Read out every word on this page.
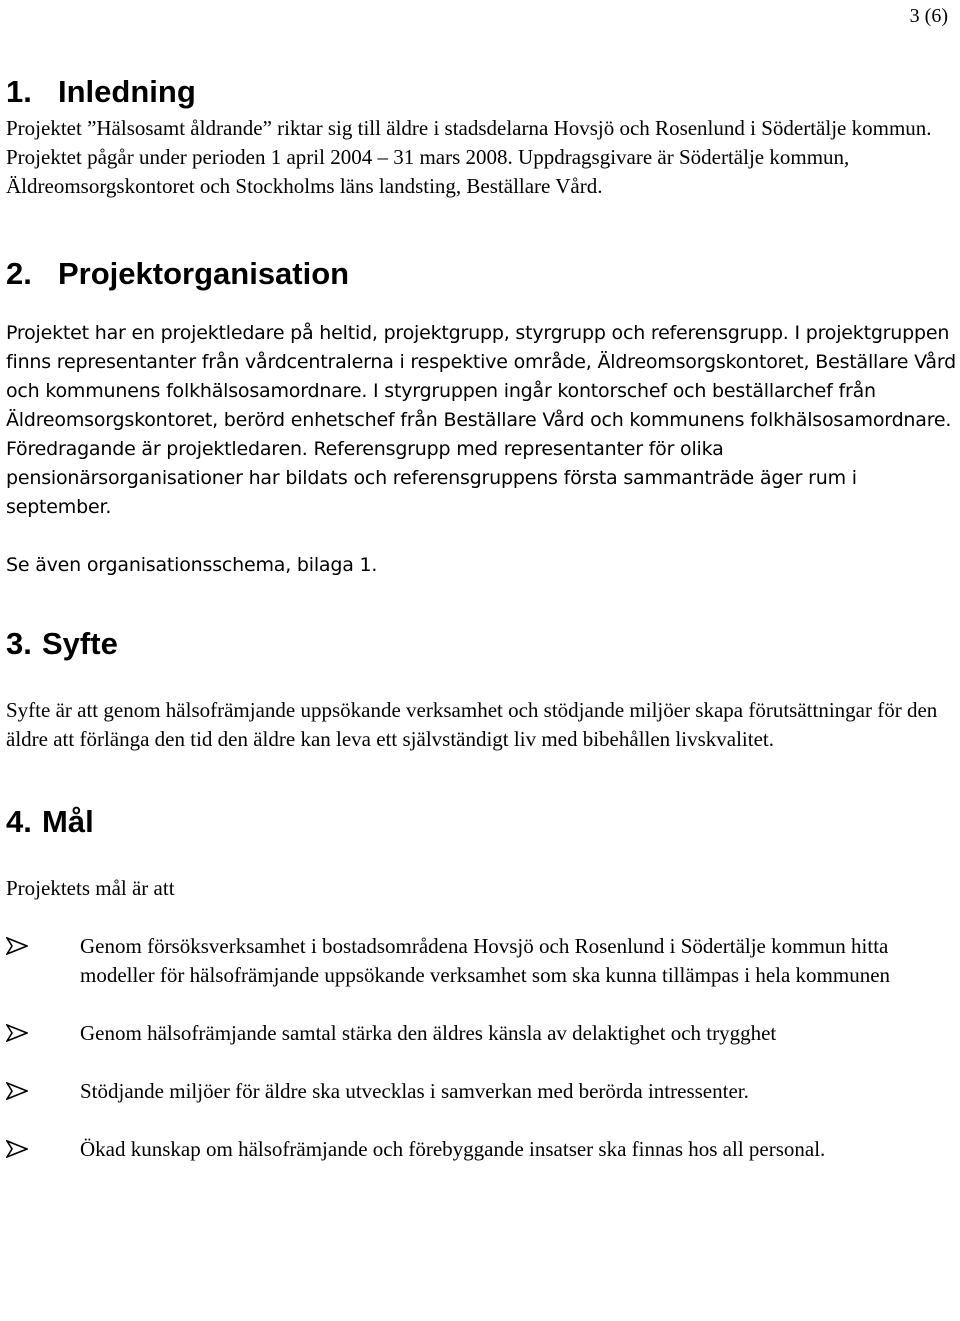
3 (6)
1. Inledning

Projektet ”Hälsosamt åldrande” riktar sig till äldre i stadsdelarna Hovsjö och Rosenlund i Södertälje kommun. Projektet pågår under perioden 1 april 2004 – 31 mars 2008. Uppdragsgivare är Södertälje kommun, Äldreomsorgskontoret och Stockholms läns landsting, Beställare Vård.

2. Projektorganisation

Projektet har en projektledare på heltid, projektgrupp, styrgrupp och referensgrupp. I projektgruppen finns representanter från vårdcentralerna i respektive område, Äldreomsorgskontoret, Beställare Vård och kommunens folkhälsosamordnare. I styrgruppen ingår kontorschef och beställarchef från Äldreomsorgskontoret, berörd enhetschef från Beställare Vård och kommunens folkhälsosamordnare. Föredragande är projektledaren. Referensgrupp med representanter för olika pensionärsorganisationer har bildats och referensgruppens första sammanträde äger rum i september.

Se även organisationsschema, bilaga 1.

3. Syfte

Syfte är att genom hälsofrämjande uppsökande verksamhet och stödjande miljöer skapa förutsättningar för den äldre att förlänga den tid den äldre kan leva ett självständigt liv med bibehållen livskvalitet.

4. Mål

Projektets mål är att

Genom försöksverksamhet i bostadsområdena Hovsjö och Rosenlund i Södertälje kommun hitta modeller för hälsofrämjande uppsökande verksamhet som ska kunna tillämpas i hela kommunen
Genom hälsofrämjande samtal stärka den äldres känsla av delaktighet och trygghet
Stödjande miljöer för äldre ska utvecklas i samverkan med berörda intressenter.
Ökad kunskap om hälsofrämjande och förebyggande insatser ska finnas hos all personal.
